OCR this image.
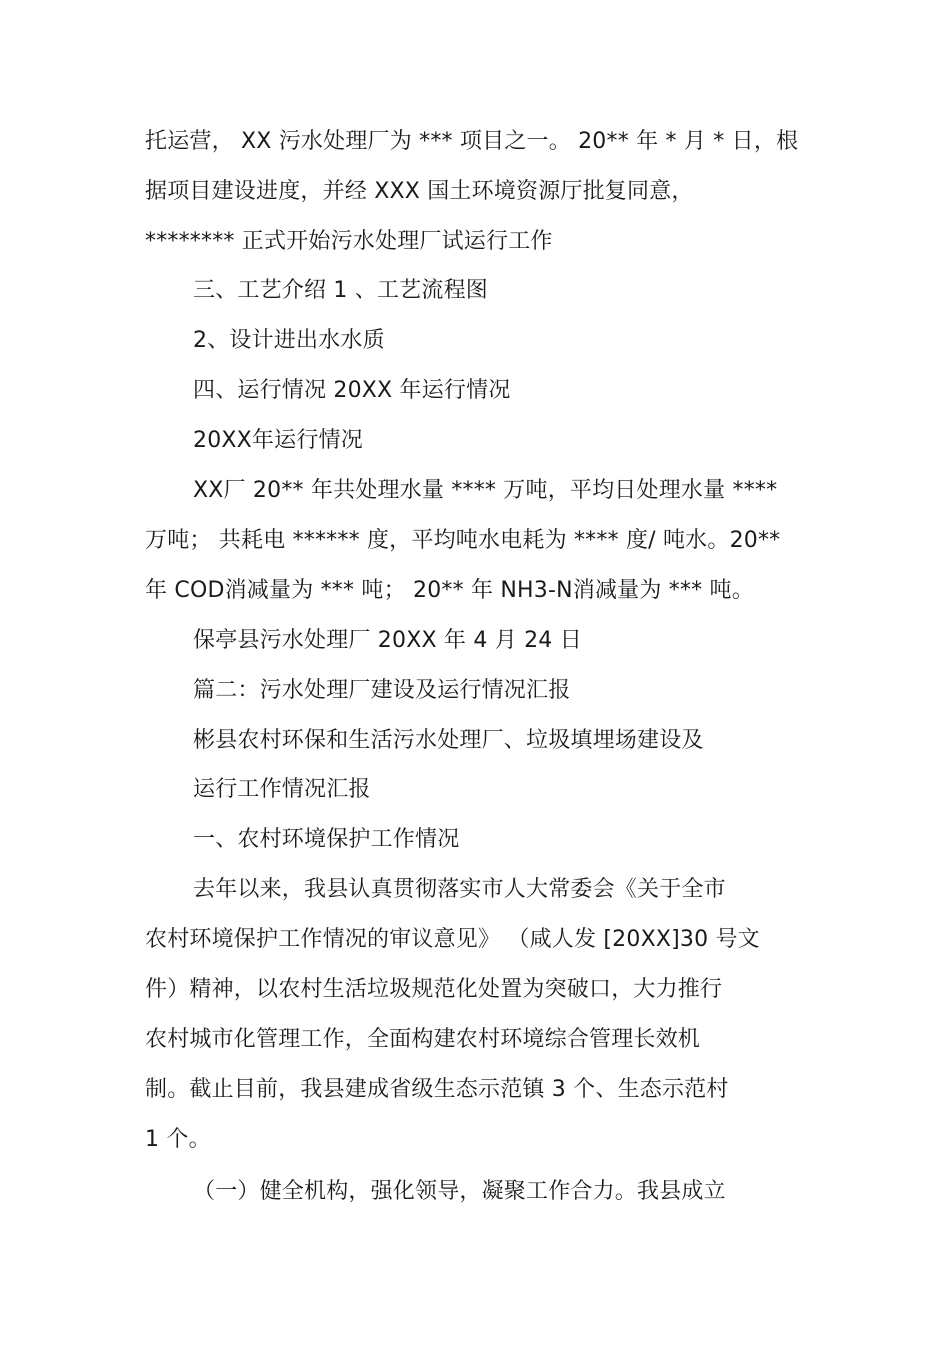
托运营， XX 污水处理厂为 *** 项目之一。 20** 年 * 月 * 日，根
据项目建设进度，并经 XXX 国土环境资源厅批复同意，
******** 正式开始污水处理厂试运行工作
三、工艺介绍 1 、工艺流程图
2、设计进出水水质
四、运行情况 20XX 年运行情况
20XX年运行情况
XX厂 20** 年共处理水量 **** 万吨，平均日处理水量 ****
万吨； 共耗电 ****** 度，平均吨水电耗为 **** 度/ 吨水。20**
年 COD消减量为 *** 吨； 20** 年 NH3-N消减量为 *** 吨。
保亭县污水处理厂 20XX 年 4 月 24 日
篇二：污水处理厂建设及运行情况汇报
彬县农村环保和生活污水处理厂、垃圾填埋场建设及
运行工作情况汇报
一、农村环境保护工作情况
去年以来，我县认真贯彻落实市人大常委会《关于全市
农村环境保护工作情况的审议意见》 （咸人发 [20XX]30 号文
件）精神，以农村生活垃圾规范化处置为突破口，大力推行
农村城市化管理工作，全面构建农村环境综合管理长效机
制。截止目前，我县建成省级生态示范镇 3 个、生态示范村
1 个。
（一）健全机构，强化领导，凝聚工作合力。我县成立
